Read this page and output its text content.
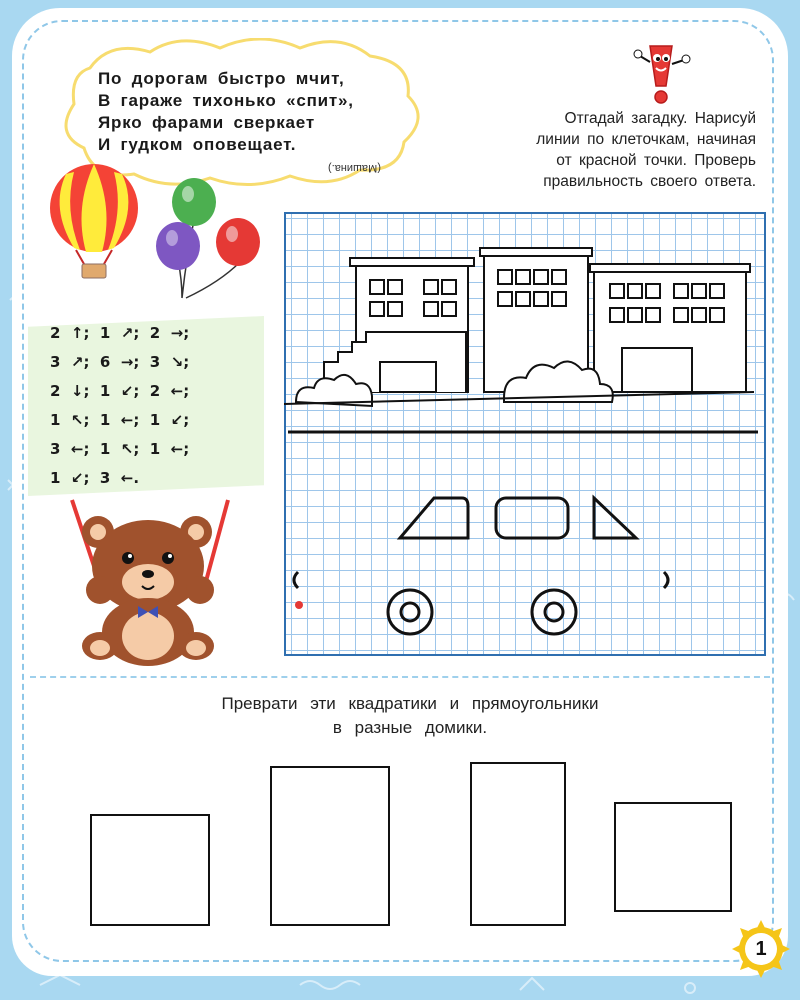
По дорогам быстро мчит,
В гараже тихонько «спит»,
Ярко фарами сверкает
И гудком оповещает.
(Машина.)
Отгадай загадку. Нарисуй
линии по клеточкам, начиная
от красной точки. Проверь
правильность своего ответа.
2  ↑;  1  ↗;  2  →;
3  ↗;  6  →;  3  ↘;
2  ↓;  1  ↙;  2  ←;
1  ↖;  1  ←;  1  ↙;
3  ←;  1  ↖;  1  ←;
1  ↙;  3  ←.
Преврати эти квадратики и прямоугольники
в разные домики.
1
